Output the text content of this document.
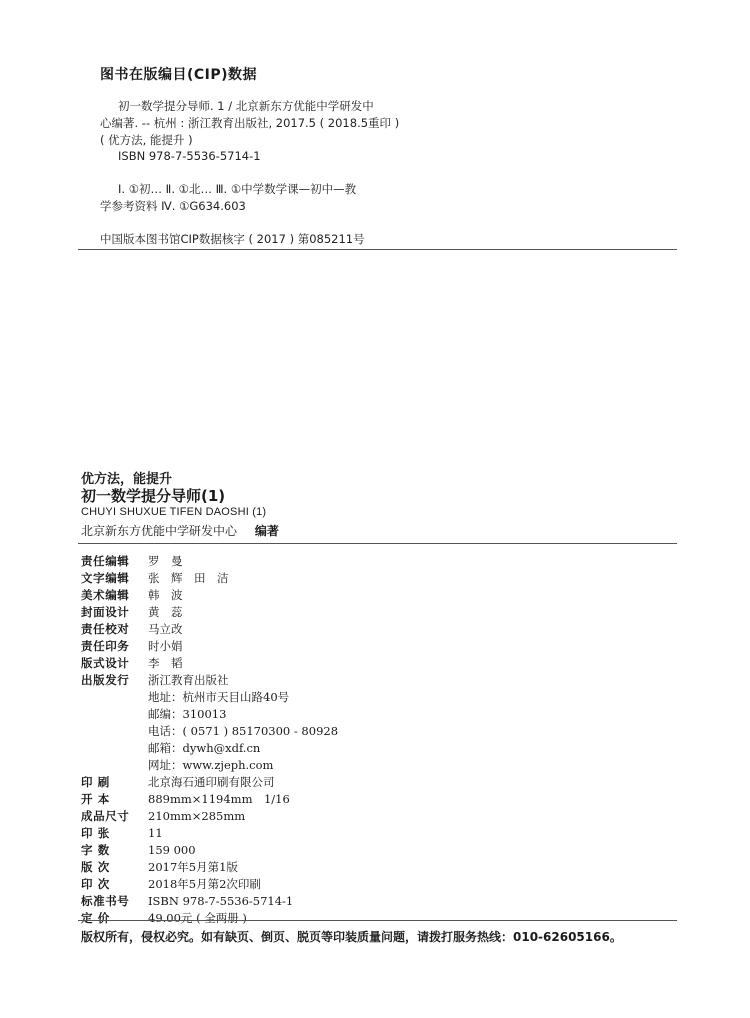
图书在版编目(CIP)数据
初一数学提分导师. 1 / 北京新东方优能中学研发中
心编著. -- 杭州 : 浙江教育出版社, 2017.5 ( 2018.5重印 )
( 优方法, 能提升 )
ISBN 978-7-5536-5714-1
Ⅰ. ①初… Ⅱ. ①北… Ⅲ. ①中学数学课—初中—教
学参考资料 Ⅳ. ①G634.603
中国版本图书馆CIP数据核字 ( 2017 ) 第085211号
优方法，能提升
初一数学提分导师(1)
CHUYI SHUXUE TIFEN DAOSHI (1)
北京新东方优能中学研发中心 编著
责任编辑	罗　曼
文字编辑	张　辉　田　洁
美术编辑	韩　波
封面设计	黄　蕊
责任校对	马立改
责任印务	时小娟
版式设计	李　韬
出版发行	浙江教育出版社
地址：杭州市天目山路40号
邮编：310013
电话：( 0571 ) 85170300 - 80928
邮箱：dywh@xdf.cn
网址：www.zjeph.com
印 刷	北京海石通印刷有限公司
开 本	889mm×1194mm　1/16
成品尺寸	210mm×285mm
印 张	11
字 数	159 000
版 次	2017年5月第1版
印 次	2018年5月第2次印刷
标准书号	ISBN 978-7-5536-5714-1
定 价	49.00元 ( 全两册 )
版权所有，侵权必究。如有缺页、倒页、脱页等印装质量问题，请拨打服务热线：010-62605166。
